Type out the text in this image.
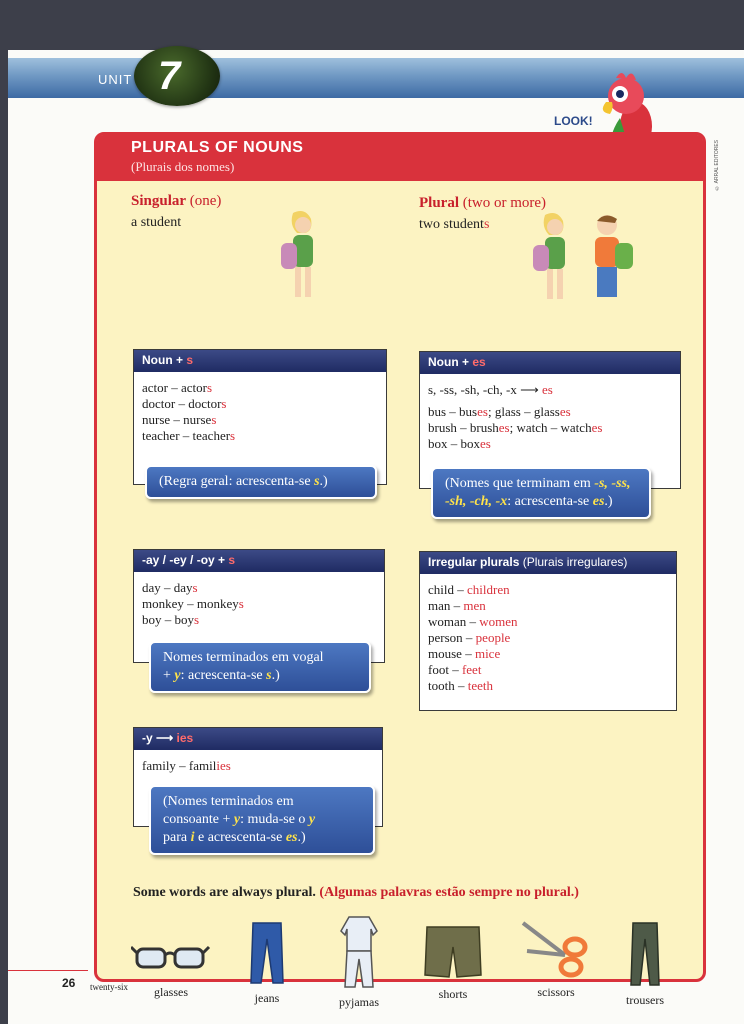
UNIT 7
LOOK!
© ARRAL EDITORES
PLURALS OF NOUNS
(Plurais dos nomes)
Singular (one)
a student
Plural (two or more)
two students
Noun + s
actor – actors
doctor – doctors
nurse – nurses
teacher – teachers
(Regra geral: acrescenta-se s.)
Noun + es
s, -ss, -sh, -ch, -x ⟶ es
bus – buses; glass – glasses
brush – brushes; watch – watches
box – boxes
(Nomes que terminam em -s, -ss,
-sh, -ch, -x: acrescenta-se es.)
-ay / -ey / -oy + s
day – days
monkey – monkeys
boy – boys
Nomes terminados em vogal
+ y: acrescenta-se s.)
Irregular plurals (Plurais irregulares)
child – children
man – men
woman – women
person – people
mouse – mice
foot – feet
tooth – teeth
-y ⟶ ies
family – families
(Nomes terminados em
consoante + y: muda-se o y
para i e acrescenta-se es.)
Some words are always plural. (Algumas palavras estão sempre no plural.)
glasses	jeans	pyjamas
shorts	scissors
trousers
26 twenty-six
